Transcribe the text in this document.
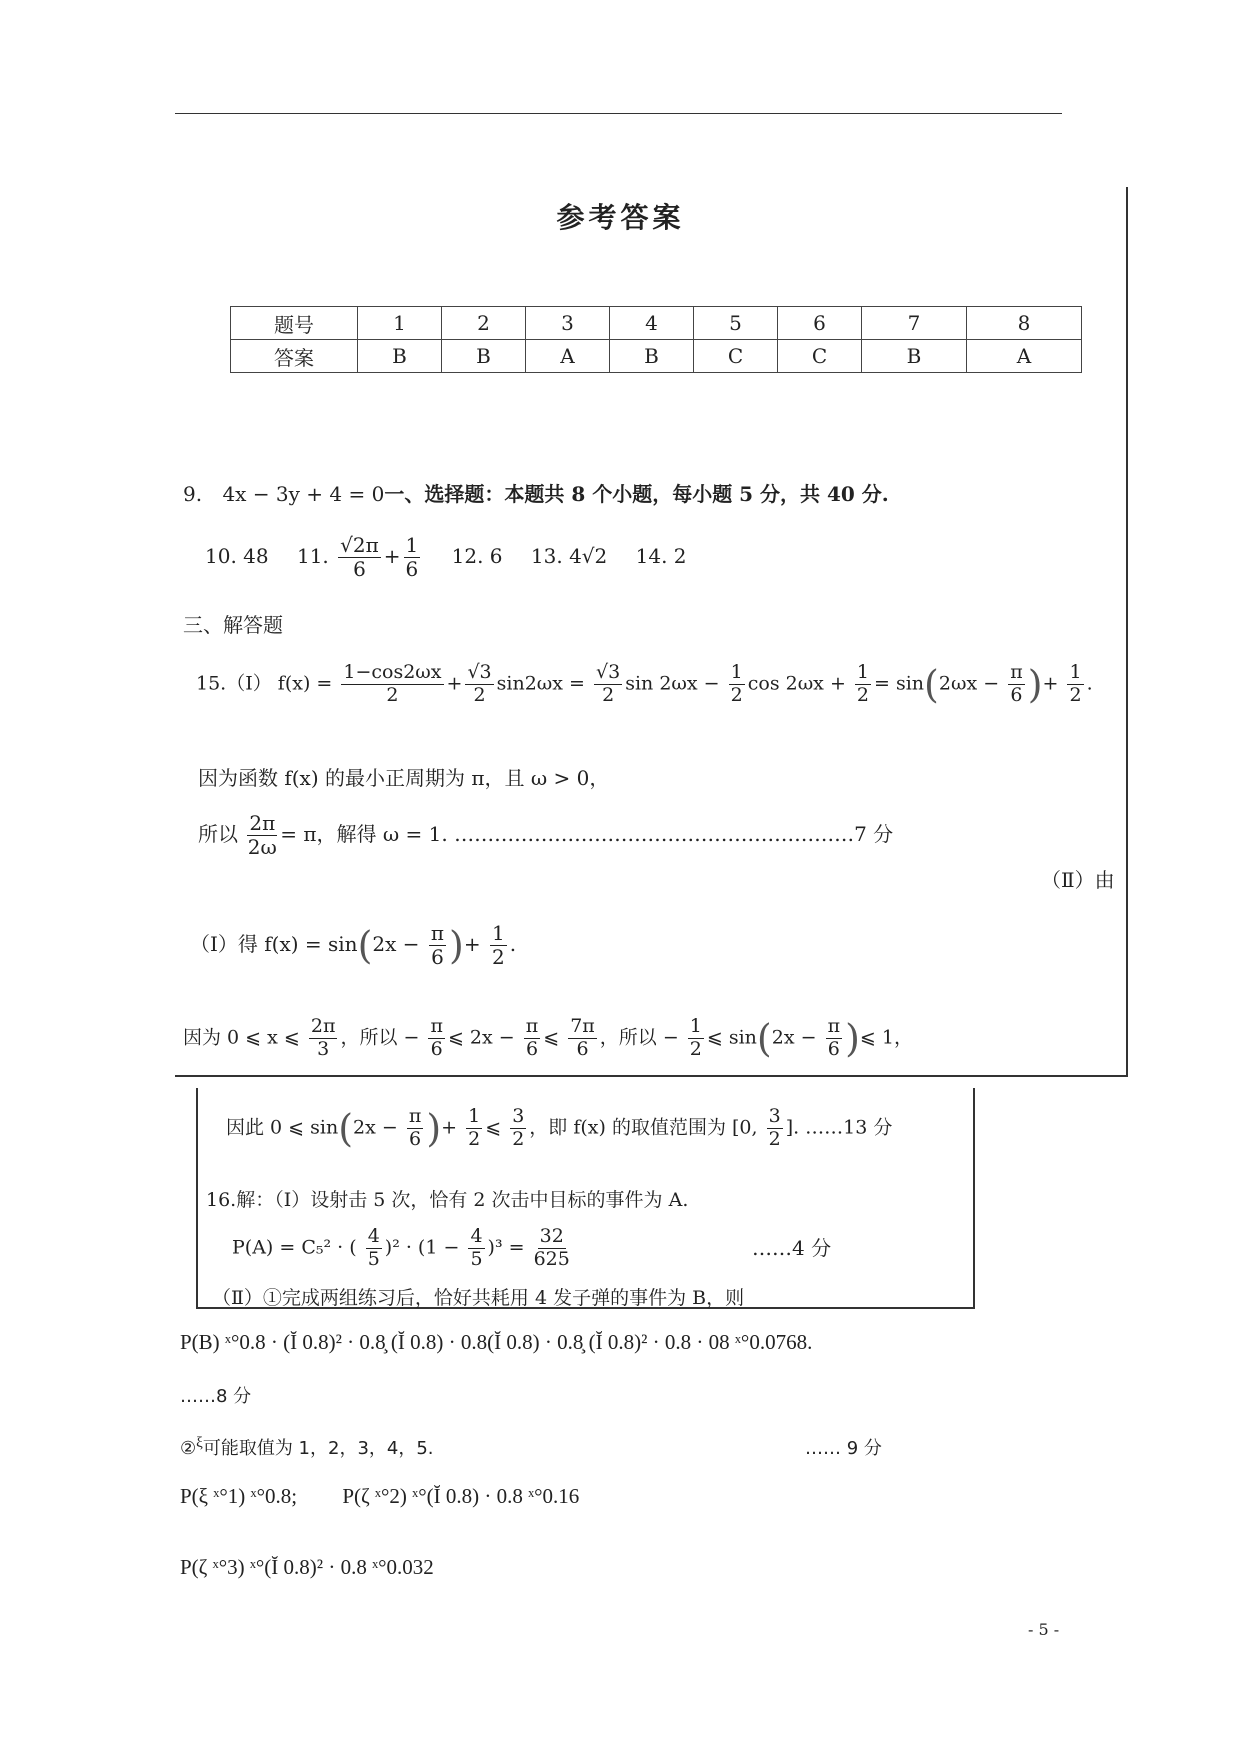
参考答案
题号	1	2	3	4	5	6	7	8
答案	B	B	A	B	C	C	B	A
9. 4x − 3y + 4 = 0一、选择题：本题共 8 个小题，每小题 5 分，共 40 分.
10. 48 11. $\frac{√2\pi}{6} + \frac{1}{6} 12$. 6 13. 4√2 14. 2
三、解答题
15.（Ⅰ） $f(x) = \frac{1-\cos 2\omega x}{2} + \frac{√3}{2} \sin 2\omega x = \frac{√3}{2}$ $\sin 2\omega x - \frac{1}{2}$ $\cos 2\omega x + \frac{1}{2} = \sin(2\omega x - \frac{\pi}{6}$ )+ $\frac{1}{2}$ .
因为函数 f(x) 的最小正周期为 π，且 ω > 0，
所以 $\frac{2\pi}{2\omega} = \pi$，解得 ω = 1. ……………………………………………………7 分
（Ⅱ）由
（Ⅰ）得 $f(x) = \sin(2x - \frac{\pi}{6}$ )+ $\frac{1}{2}$ .
因为 0 ⩽ x ⩽ $\frac{2\pi}{3}$ ，所以 − $\frac{\pi}{6}$ ⩽ $2x - \frac{\pi}{6}$ ⩽ $\frac{7\pi}{6}$ ，所以 − $\frac{1}{2}$ ⩽ $\sin(2x - \frac{\pi}{6}$ )⩽ 1，
因此 0 ⩽ $\sin(2x - \frac{\pi}{6}$ )+ $\frac{1}{2}$ ⩽ $\frac{3}{2}$ ，即 f(x) 的取值范围为 [0, $\frac{3}{2}$ ]. ……13 分
16.解：（Ⅰ）设射击 5 次，恰有 2 次击中目标的事件为 A.
P(A) = C₅² · ( $\frac{4}{5} )^2 \cdot (1 - \frac{4}{5} )^3 = \frac{32}{625}$	……4 分
（Ⅱ）①完成两组练习后，恰好共耗用 4 发子弹的事件为 B，则
P(B) ˣ°0.8 · (Ĭ 0.8)² · 0.8̧ (Ĭ 0.8) · 0.8(Ĭ 0.8) · 0.8̧ (Ĭ 0.8)² · 0.8 · 08 ˣ°0.0768.
……8 分
②$^\xi$可能取值为 1，2，3，4，5.	…… 9 分
P(ξ ˣ°1) ˣ°0.8; P(ζ ˣ°2) ˣ°(Ĭ 0.8) · 0.8 ˣ°0.16
P(ζ ˣ°3) ˣ°(Ĭ 0.8)² · 0.8 ˣ°0.032
- 5 -
